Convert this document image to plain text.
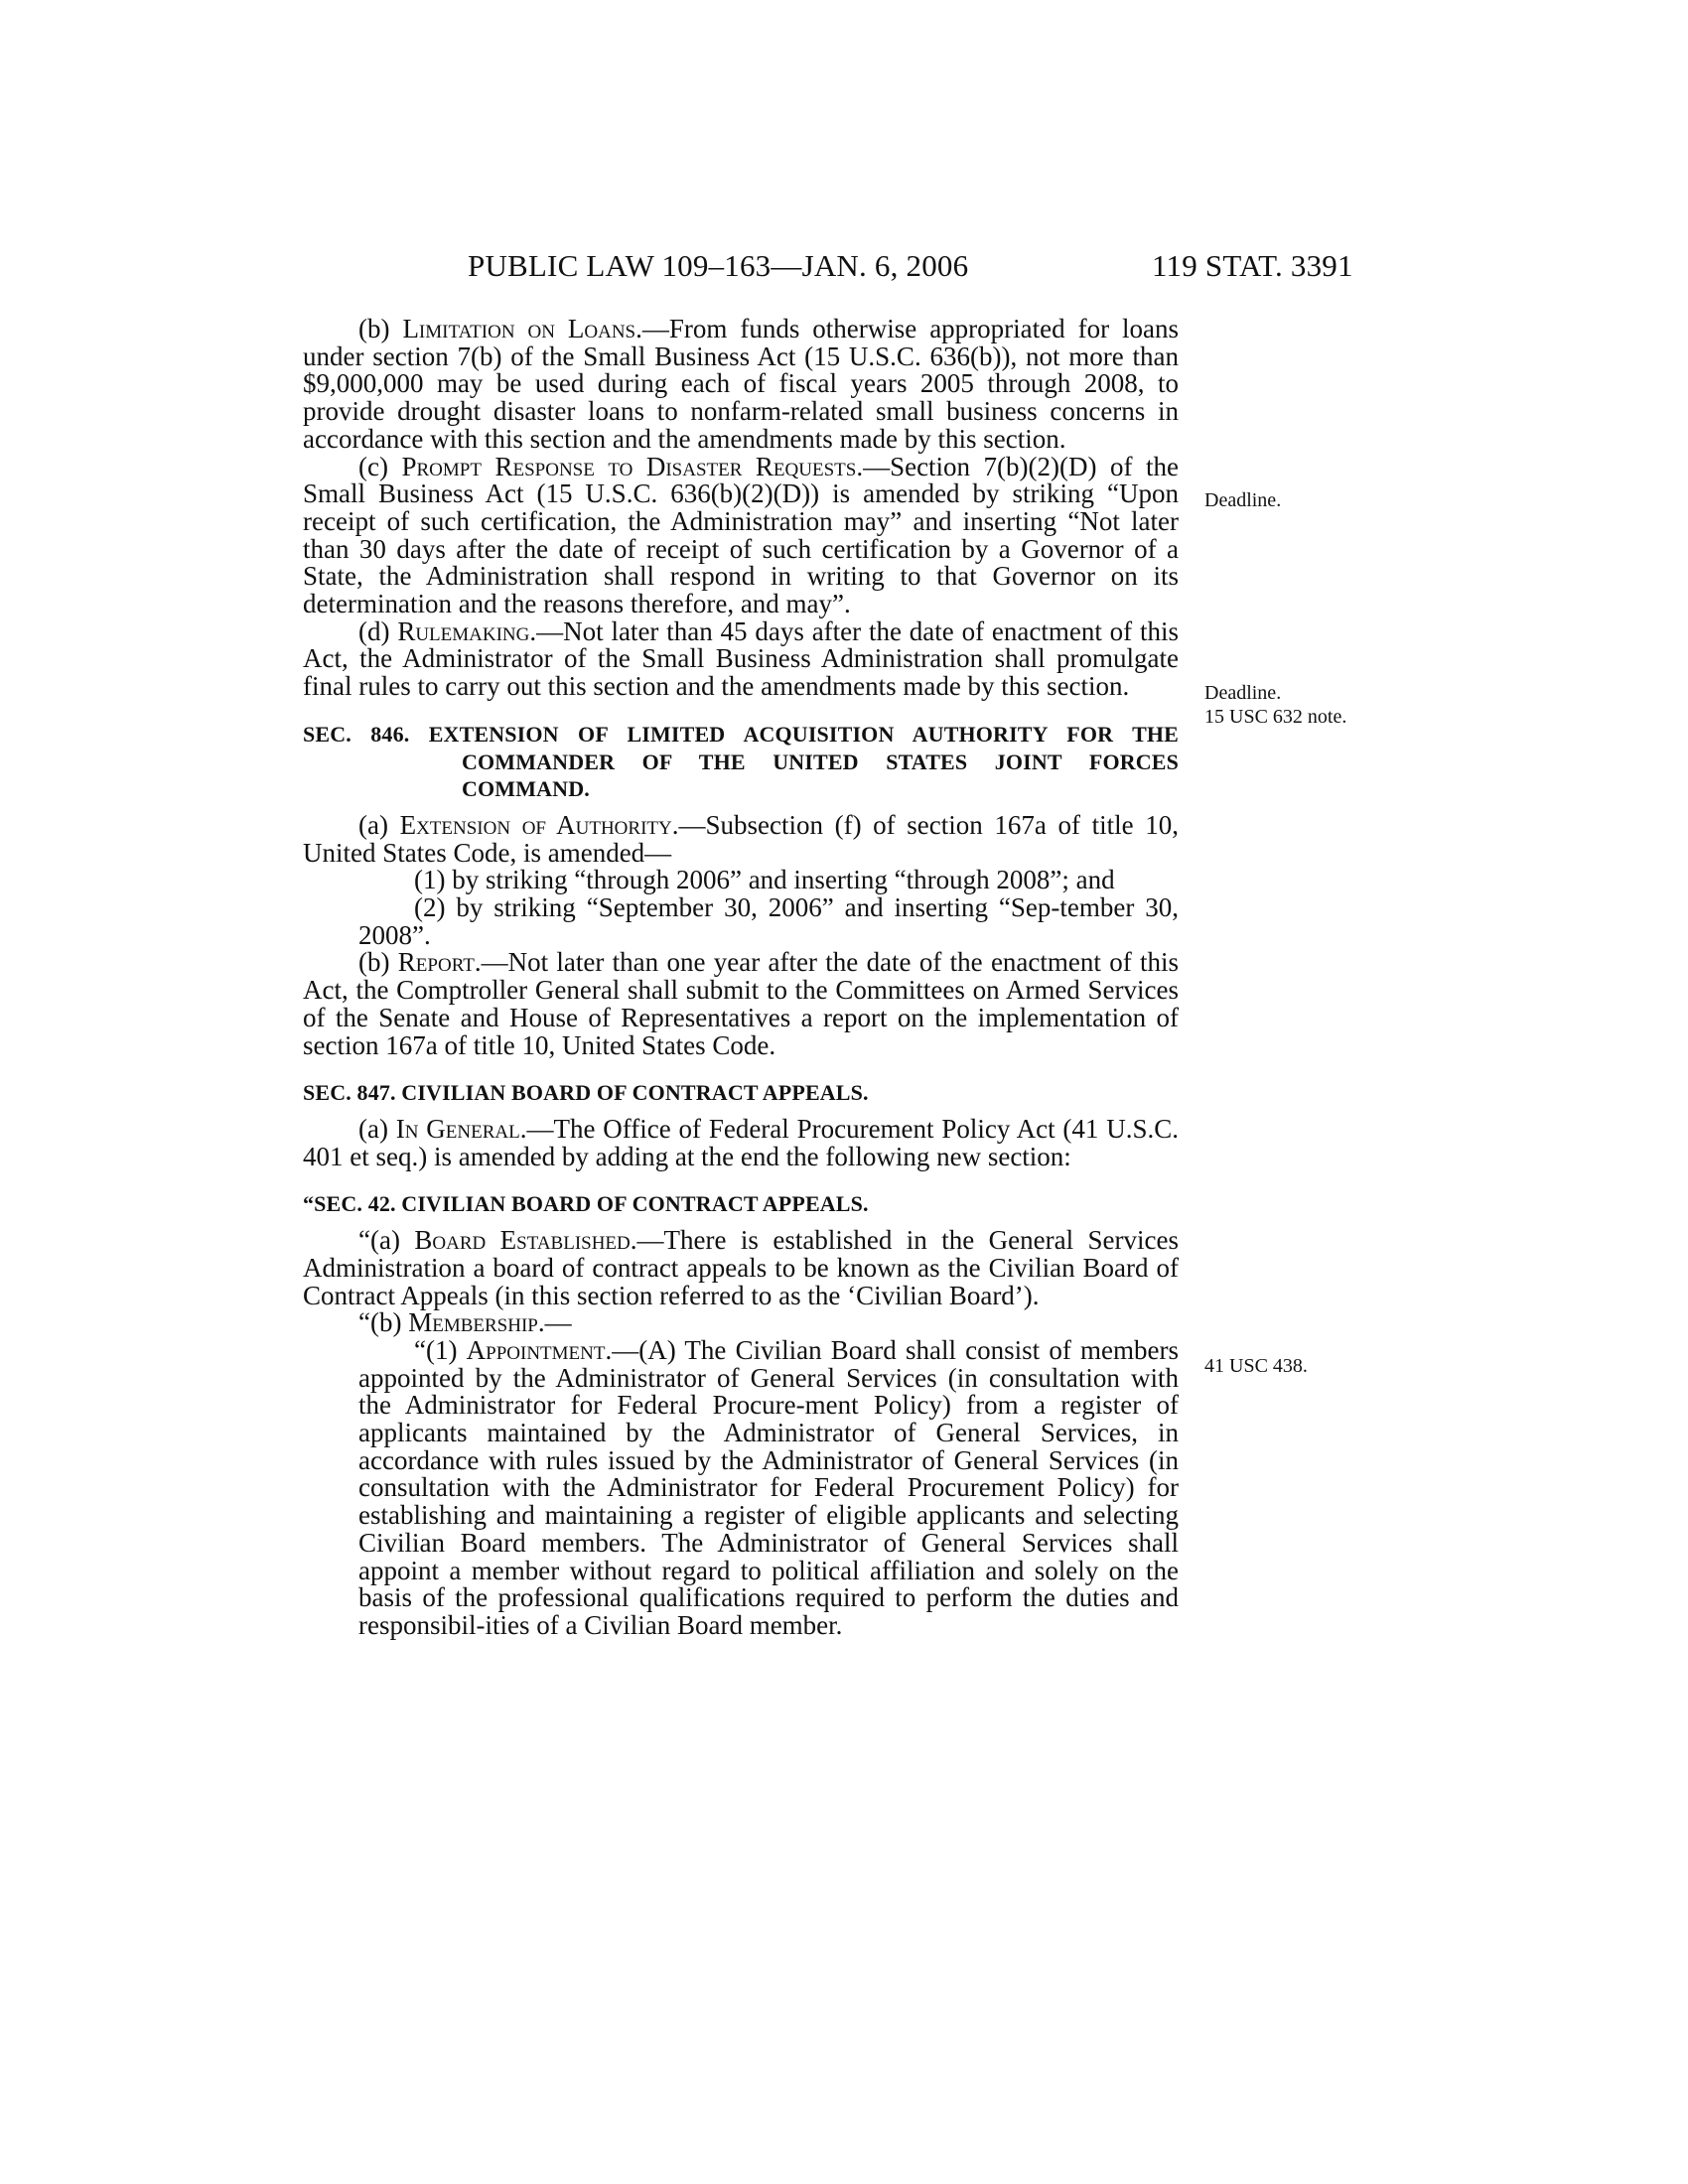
PUBLIC LAW 109–163—JAN. 6, 2006	119 STAT. 3391
Deadline.
Deadline.
15 USC 632 note.
41 USC 438.

(b) Limitation on Loans.—From funds otherwise appropriated for loans under section 7(b) of the Small Business Act (15 U.S.C. 636(b)), not more than $9,000,000 may be used during each of fiscal years 2005 through 2008, to provide drought disaster loans to nonfarm-related small business concerns in accordance with this section and the amendments made by this section.

(c) Prompt Response to Disaster Requests.—Section 7(b)(2)(D) of the Small Business Act (15 U.S.C. 636(b)(2)(D)) is amended by striking “Upon receipt of such certification, the Administration may” and inserting “Not later than 30 days after the date of receipt of such certification by a Governor of a State, the Administration shall respond in writing to that Governor on its determination and the reasons therefore, and may”.

(d) Rulemaking.—Not later than 45 days after the date of enactment of this Act, the Administrator of the Small Business Administration shall promulgate final rules to carry out this section and the amendments made by this section.

SEC. 846. EXTENSION OF LIMITED ACQUISITION AUTHORITY FOR THE COMMANDER OF THE UNITED STATES JOINT FORCES COMMAND.

(a) Extension of Authority.—Subsection (f) of section 167a of title 10, United States Code, is amended—

(1) by striking “through 2006” and inserting “through 2008”; and

(2) by striking “September 30, 2006” and inserting “Sep-tember 30, 2008”.

(b) Report.—Not later than one year after the date of the enactment of this Act, the Comptroller General shall submit to the Committees on Armed Services of the Senate and House of Representatives a report on the implementation of section 167a of title 10, United States Code.

SEC. 847. CIVILIAN BOARD OF CONTRACT APPEALS.

(a) In General.—The Office of Federal Procurement Policy Act (41 U.S.C. 401 et seq.) is amended by adding at the end the following new section:

“SEC. 42. CIVILIAN BOARD OF CONTRACT APPEALS.

“(a) Board Established.—There is established in the General Services Administration a board of contract appeals to be known as the Civilian Board of Contract Appeals (in this section referred to as the ‘Civilian Board’).

“(b) Membership.—

“(1) Appointment.—(A) The Civilian Board shall consist of members appointed by the Administrator of General Services (in consultation with the Administrator for Federal Procure-ment Policy) from a register of applicants maintained by the Administrator of General Services, in accordance with rules issued by the Administrator of General Services (in consultation with the Administrator for Federal Procurement Policy) for establishing and maintaining a register of eligible applicants and selecting Civilian Board members. The Administrator of General Services shall appoint a member without regard to political affiliation and solely on the basis of the professional qualifications required to perform the duties and responsibil-ities of a Civilian Board member.
